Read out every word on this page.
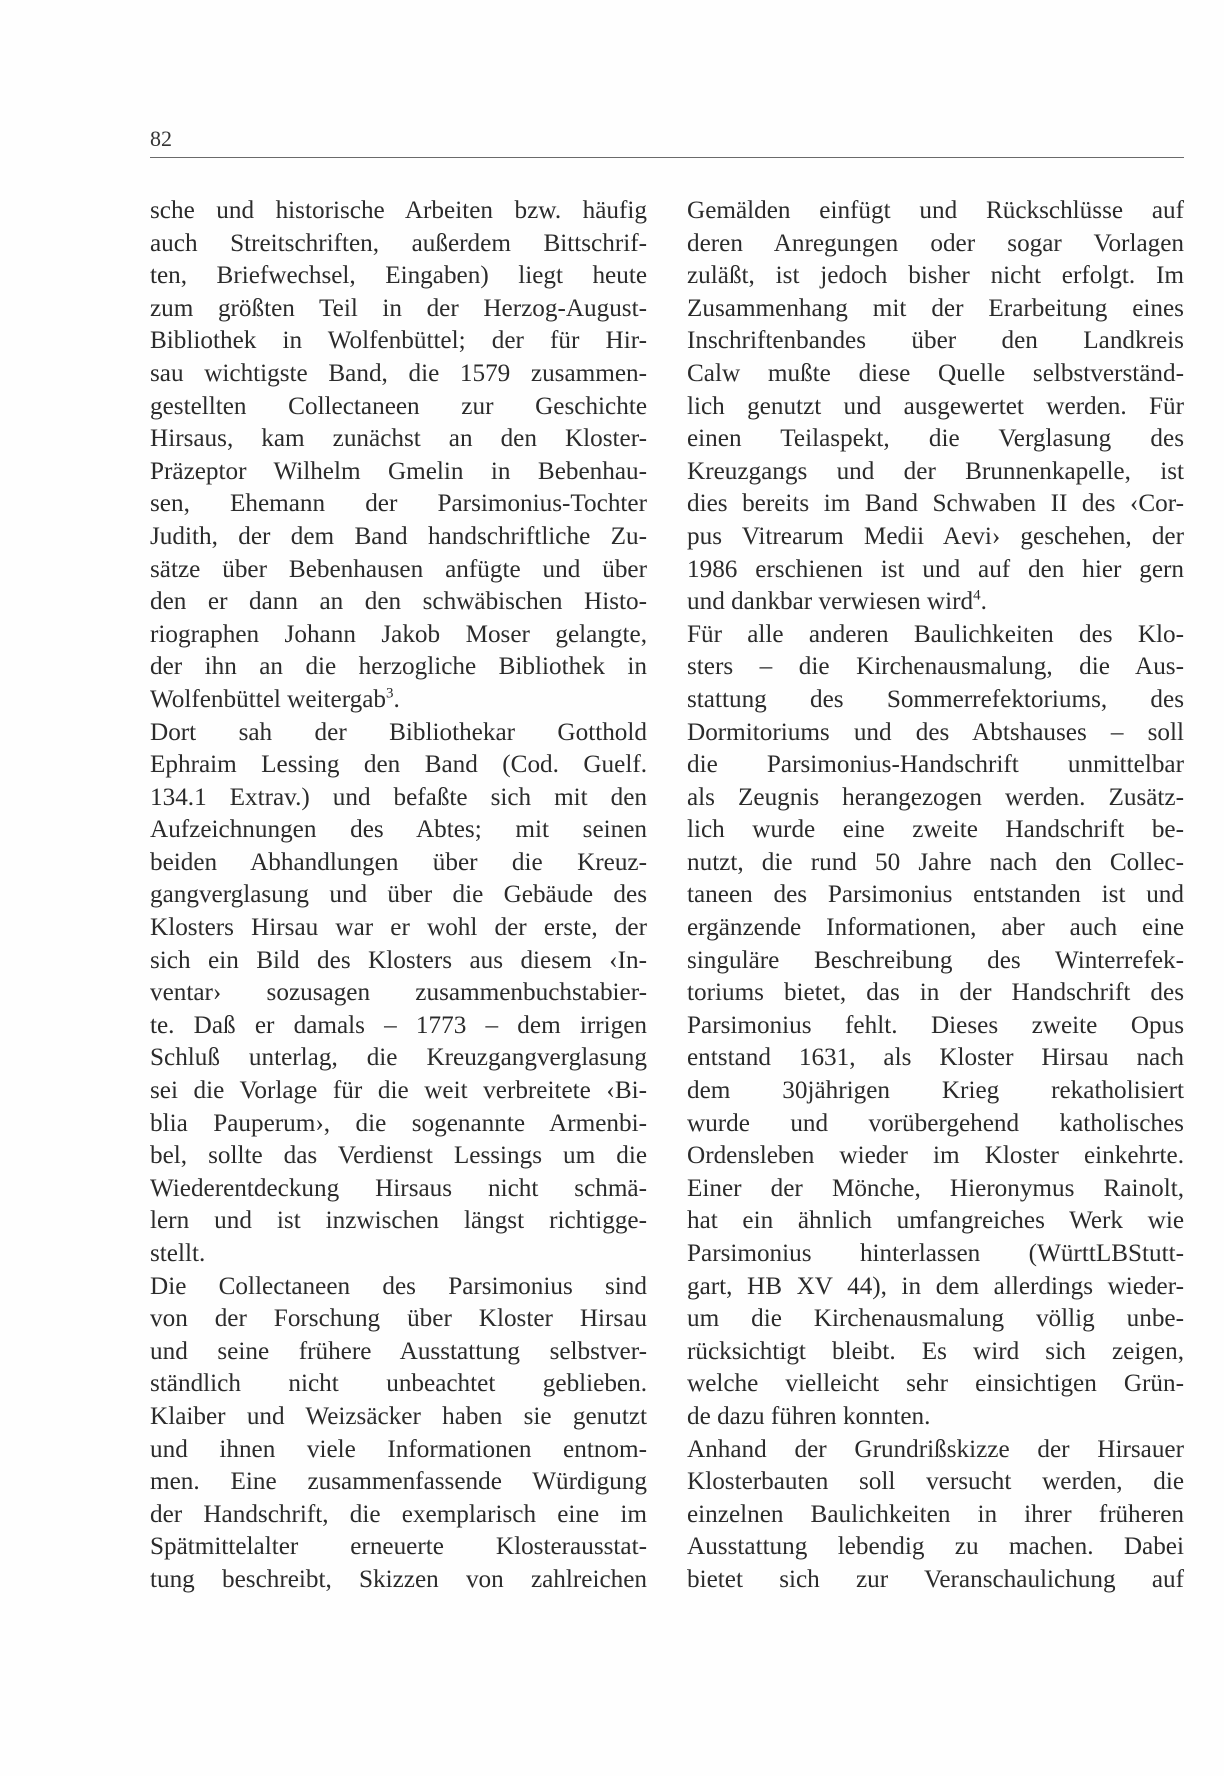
82
sche und historische Arbeiten bzw. häufig
auch Streitschriften, außerdem Bittschrif-
ten, Briefwechsel, Eingaben) liegt heute
zum größten Teil in der Herzog-August-
Bibliothek in Wolfenbüttel; der für Hir-
sau wichtigste Band, die 1579 zusammen-
gestellten Collectaneen zur Geschichte
Hirsaus, kam zunächst an den Kloster-
Präzeptor Wilhelm Gmelin in Bebenhau-
sen, Ehemann der Parsimonius-Tochter
Judith, der dem Band handschriftliche Zu-
sätze über Bebenhausen anfügte und über
den er dann an den schwäbischen Histo-
riographen Johann Jakob Moser gelangte,
der ihn an die herzogliche Bibliothek in
Wolfenbüttel weitergab$^3$.
Dort sah der Bibliothekar Gotthold
Ephraim Lessing den Band (Cod. Guelf.
134.1 Extrav.) und befaßte sich mit den
Aufzeichnungen des Abtes; mit seinen
beiden Abhandlungen über die Kreuz-
gangverglasung und über die Gebäude des
Klosters Hirsau war er wohl der erste, der
sich ein Bild des Klosters aus diesem ‹In-
ventar› sozusagen zusammenbuchstabier-
te. Daß er damals – 1773 – dem irrigen
Schluß unterlag, die Kreuzgangverglasung
sei die Vorlage für die weit verbreitete ‹Bi-
blia Pauperum›, die sogenannte Armenbi-
bel, sollte das Verdienst Lessings um die
Wiederentdeckung Hirsaus nicht schmä-
lern und ist inzwischen längst richtigge-
stellt.
Die Collectaneen des Parsimonius sind
von der Forschung über Kloster Hirsau
und seine frühere Ausstattung selbstver-
ständlich nicht unbeachtet geblieben.
Klaiber und Weizsäcker haben sie genutzt
und ihnen viele Informationen entnom-
men. Eine zusammenfassende Würdigung
der Handschrift, die exemplarisch eine im
Spätmittelalter erneuerte Klosterausstat-
tung beschreibt, Skizzen von zahlreichen
Gemälden einfügt und Rückschlüsse auf
deren Anregungen oder sogar Vorlagen
zuläßt, ist jedoch bisher nicht erfolgt. Im
Zusammenhang mit der Erarbeitung eines
Inschriftenbandes über den Landkreis
Calw mußte diese Quelle selbstverständ-
lich genutzt und ausgewertet werden. Für
einen Teilaspekt, die Verglasung des
Kreuzgangs und der Brunnenkapelle, ist
dies bereits im Band Schwaben II des ‹Cor-
pus Vitrearum Medii Aevi› geschehen, der
1986 erschienen ist und auf den hier gern
und dankbar verwiesen wird$^4$.
Für alle anderen Baulichkeiten des Klo-
sters – die Kirchenausmalung, die Aus-
stattung des Sommerrefektoriums, des
Dormitoriums und des Abtshauses – soll
die Parsimonius-Handschrift unmittelbar
als Zeugnis herangezogen werden. Zusätz-
lich wurde eine zweite Handschrift be-
nutzt, die rund 50 Jahre nach den Collec-
taneen des Parsimonius entstanden ist und
ergänzende Informationen, aber auch eine
singuläre Beschreibung des Winterrefek-
toriums bietet, das in der Handschrift des
Parsimonius fehlt. Dieses zweite Opus
entstand 1631, als Kloster Hirsau nach
dem 30jährigen Krieg rekatholisiert
wurde und vorübergehend katholisches
Ordensleben wieder im Kloster einkehrte.
Einer der Mönche, Hieronymus Rainolt,
hat ein ähnlich umfangreiches Werk wie
Parsimonius hinterlassen (WürttLBStutt-
gart, HB XV 44), in dem allerdings wieder-
um die Kirchenausmalung völlig unbe-
rücksichtigt bleibt. Es wird sich zeigen,
welche vielleicht sehr einsichtigen Grün-
de dazu führen konnten.
Anhand der Grundrißskizze der Hirsauer
Klosterbauten soll versucht werden, die
einzelnen Baulichkeiten in ihrer früheren
Ausstattung lebendig zu machen. Dabei
bietet sich zur Veranschaulichung auf
